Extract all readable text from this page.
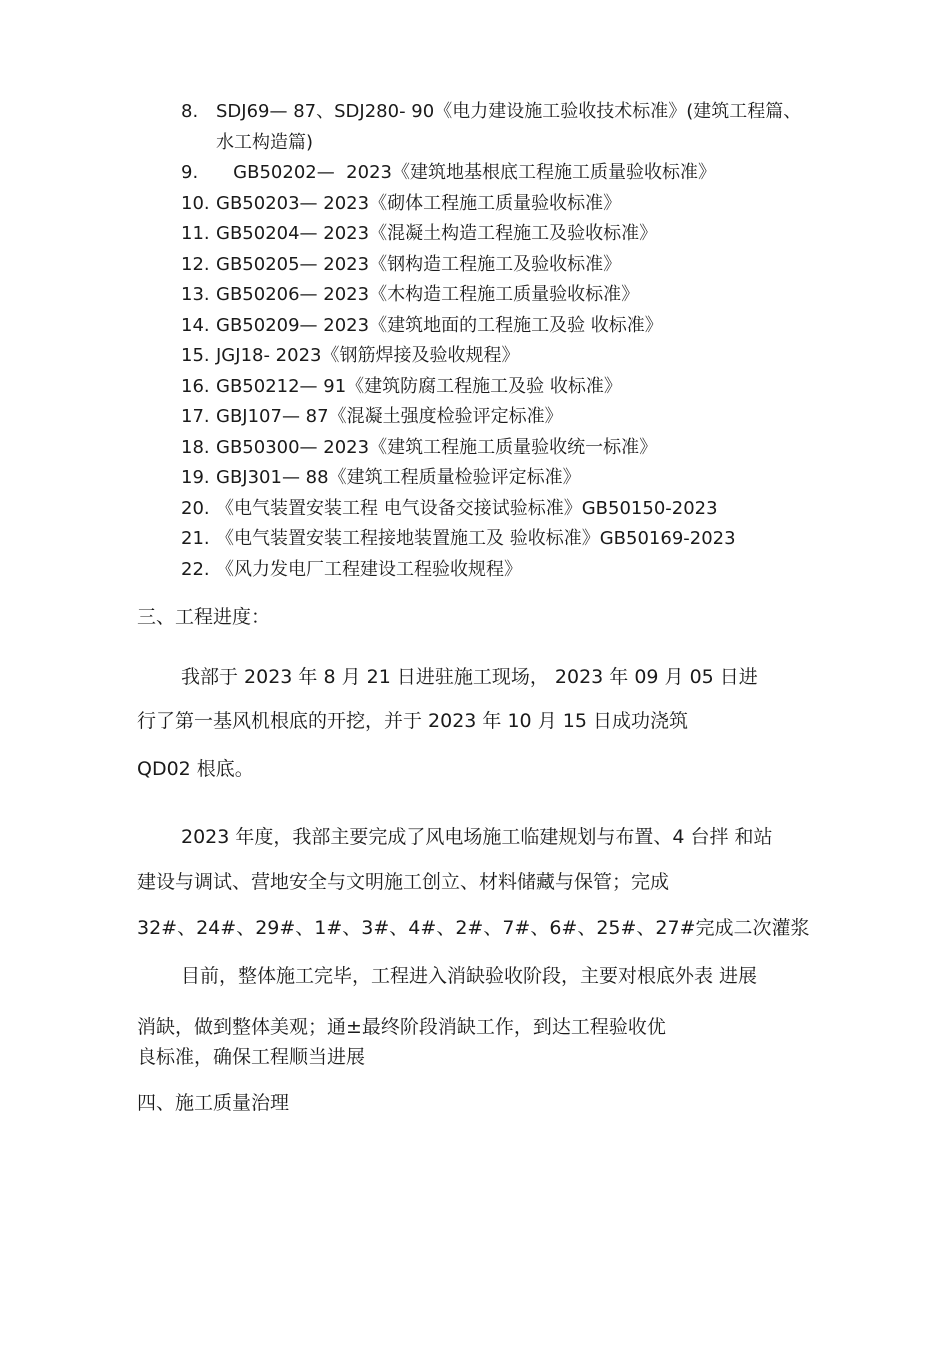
8. SDJ69— 87、SDJ280- 90《电力建设施工验收技术标准》(建筑工程篇、水工构造篇)
9. GB50202—  2023《建筑地基根底工程施工质量验收标准》
10. GB50203— 2023《砌体工程施工质量验收标准》
11. GB50204— 2023《混凝土构造工程施工及验收标准》
12. GB50205— 2023《钢构造工程施工及验收标准》
13. GB50206— 2023《木构造工程施工质量验收标准》
14. GB50209— 2023《建筑地面的工程施工及验 收标准》
15. JGJ18- 2023《钢筋焊接及验收规程》
16. GB50212— 91《建筑防腐工程施工及验 收标准》
17. GBJ107— 87《混凝土强度检验评定标准》
18. GB50300— 2023《建筑工程施工质量验收统一标准》
19. GBJ301— 88《建筑工程质量检验评定标准》
20. 《电气装置安装工程 电气设备交接试验标准》GB50150-2023
21. 《电气装置安装工程接地装置施工及 验收标准》GB50169-2023
22. 《风力发电厂工程建设工程验收规程》
三、工程进度：
我部于 2023 年 8 月 21 日进驻施工现场， 2023 年 09 月 05 日进
行了第一基风机根底的开挖，并于 2023 年 10 月 15 日成功浇筑
QD02 根底。
2023 年度，我部主要完成了风电场施工临建规划与布置、4 台拌 和站
建设与调试、营地安全与文明施工创立、材料储藏与保管；完成
32#、24#、29#、1#、3#、4#、2#、7#、6#、25#、27#完成二次灌浆
目前，整体施工完毕，工程进入消缺验收阶段，主要对根底外表 进展
消缺，做到整体美观；通±最终阶段消缺工作，到达工程验收优
良标准，确保工程顺当进展
四、施工质量治理
